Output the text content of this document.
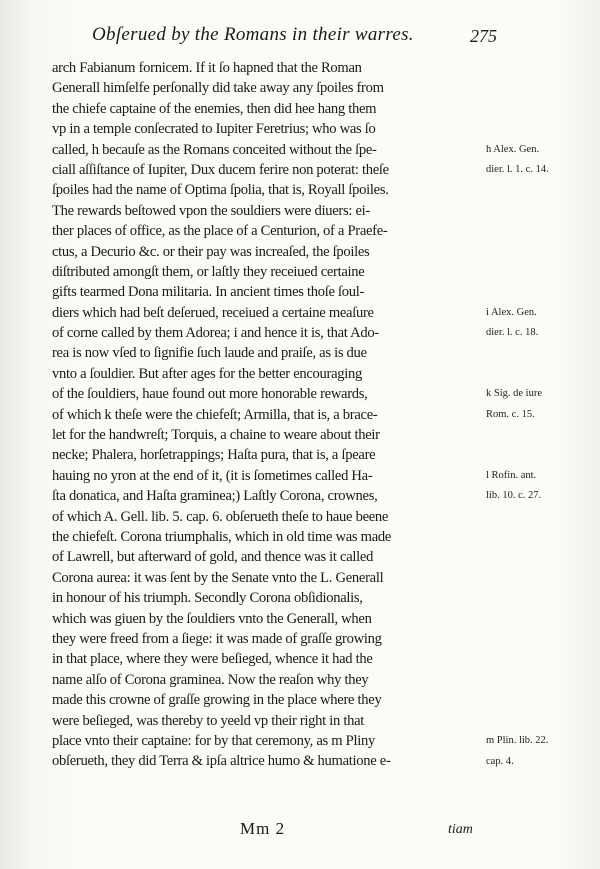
Obſerued by the Romans in their warres.	275
arch Fabianum fornicem. If it ſo hapned that the Roman
Generall himſelfe perſonally did take away any ſpoiles from
the chiefe captaine of the enemies, then did hee hang them
vp in a temple conſecrated to Iupiter Feretrius; who was ſo
called, h becauſe as the Romans conceited without the ſpe-
ciall aſſiſtance of Iupiter, Dux ducem ferire non poterat: theſe
ſpoiles had the name of Optima ſpolia, that is, Royall ſpoiles.
The rewards beſtowed vpon the souldiers were diuers: ei-
ther places of office, as the place of a Centurion, of a Praefe-
ctus, a Decurio &c. or their pay was increaſed, the ſpoiles
diſtributed amongſt them, or laſtly they receiued certaine
gifts tearmed Dona militaria. In ancient times thoſe ſoul-
diers which had beſt deſerued, receiued a certaine meaſure
of corne called by them Adorea; i and hence it is, that Ado-
rea is now vſed to ſignifie ſuch laude and praiſe, as is due
vnto a ſouldier. But after ages for the better encouraging
of the ſouldiers, haue found out more honorable rewards,
of which k theſe were the chiefeſt; Armilla, that is, a brace-
let for the handwreſt; Torquis, a chaine to weare about their
necke; Phalera, horſetrappings; Haſta pura, that is, a ſpeare
hauing no yron at the end of it, (it is ſometimes called Ha-
ſta donatica, and Haſta graminea;) Laſtly Corona, crownes,
of which A. Gell. lib. 5. cap. 6. obſerueth theſe to haue beene
the chiefeſt. Corona triumphalis, which in old time was made
of Lawrell, but afterward of gold, and thence was it called
Corona aurea: it was ſent by the Senate vnto the L. Generall
in honour of his triumph. Secondly Corona obſidionalis,
which was giuen by the ſouldiers vnto the Generall, when
they were freed from a ſiege: it was made of graſſe growing
in that place, where they were beſieged, whence it had the
name alſo of Corona graminea. Now the reaſon why they
made this crowne of graſſe growing in the place where they
were beſieged, was thereby to yeeld vp their right in that
place vnto their captaine: for by that ceremony, as m Pliny
obſerueth, they did Terra & ipſa altrice humo & humatione e-
h Alex. Gen.
dier. l. 1. c. 14.
i Alex. Gen.
dier. l. c. 18.
k Sig. de iure
Rom. c. 15.
l Rofin. ant.
lib. 10. c. 27.
m Plin. lib. 22.
cap. 4.
Mm 2	tiam
